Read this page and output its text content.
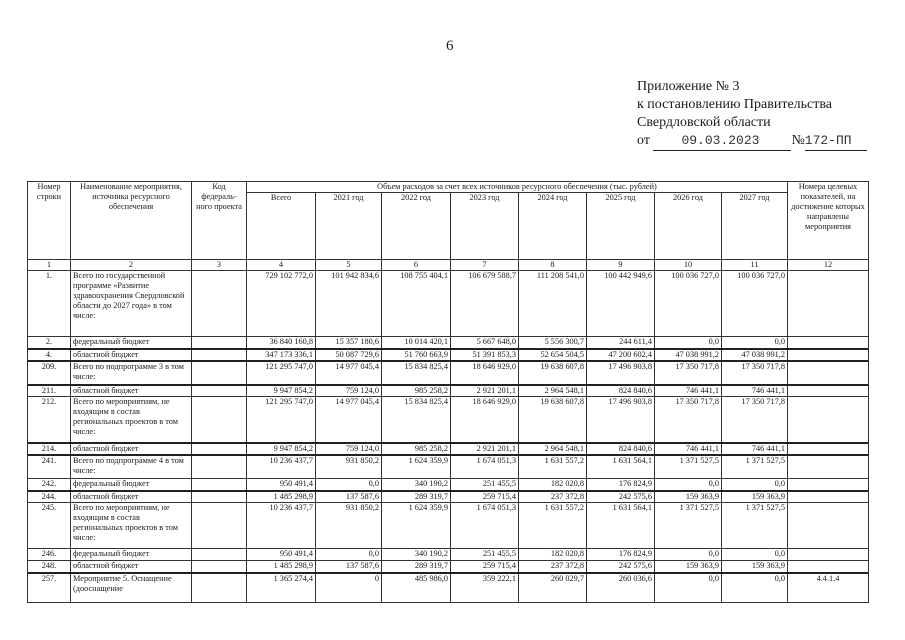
6
Приложение № 3
к постановлению Правительства
Свердловской области
от 09.03.2023 №172-ПП
Номер строки	Наименование мероприятия, источника ресурсного обеспечения	Код федераль-ного проекта	Объем расходов за счет всех источников ресурсного обеспечения (тыс. рублей)								Номера целевых показателей, на достижение которых направлены мероприятия
			Всего	2021 год	2022 год	2023 год	2024 год	2025 год	2026 год	2027 год	
1	2	3	4	5	6	7	8	9	10	11	12
1.	Всего по государственной программе «Развитие здравоохранения Свердловской области до 2027 года» в том числе:		729 102 772,0	101 942 834,6	108 755 404,1	106 679 588,7	111 208 541,0	100 442 949,6	100 036 727,0	100 036 727,0	
2.	федеральный бюджет		36 840 160,8	15 357 180,6	10 014 420,1	5 667 648,0	5 556 300,7	244 611,4	0,0	0,0	
4.	областной бюджет		347 173 336,1	50 087 729,6	51 760 663,9	51 391 853,3	52 654 504,5	47 200 602,4	47 038 991,2	47 038 991,2	
209.	Всего по подпрограмме 3 в том числе:		121 295 747,0	14 977 045,4	15 834 825,4	18 646 929,0	19 638 607,8	17 496 903,8	17 350 717,8	17 350 717,8	
211.	областной бюджет		9 947 854,2	759 124,0	985 258,2	2 921 201,1	2 964 548,1	824 840,6	746 441,1	746 441,1	
212.	Всего по мероприятиям, не входящим в состав региональных проектов в том числе:		121 295 747,0	14 977 045,4	15 834 825,4	18 646 929,0	19 638 607,8	17 496 903,8	17 350 717,8	17 350 717,8	
214.	областной бюджет		9 947 854,2	759 124,0	985 258,2	2 921 201,1	2 964 548,1	824 840,6	746 441,1	746 441,1	
241.	Всего по подпрограмме 4 в том числе:		10 236 437,7	931 850,2	1 624 359,9	1 674 051,3	1 631 557,2	1 631 564,1	1 371 527,5	1 371 527,5	
242.	федеральный бюджет		950 491,4	0,0	340 190,2	251 455,5	182 020,8	176 824,9	0,0	0,0	
244.	областной бюджет		1 485 298,9	137 587,6	289 319,7	259 715,4	237 372,8	242 575,6	159 363,9	159 363,9	
245.	Всего по мероприятиям, не входящим в состав региональных проектов в том числе:		10 236 437,7	931 850,2	1 624 359,9	1 674 051,3	1 631 557,2	1 631 564,1	1 371 527,5	1 371 527,5	
246.	федеральный бюджет		950 491,4	0,0	340 190,2	251 455,5	182 020,8	176 824,9	0,0	0,0	
248.	областной бюджет		1 485 298,9	137 587,6	289 319,7	259 715,4	237 372,8	242 575,6	159 363,9	159 363,9	
257.	Мероприятие 5. Оснащение (дооснащение		1 365 274,4	0	485 986,0	359 222,1	260 029,7	260 036,6	0,0	0,0	4.4.1.4
